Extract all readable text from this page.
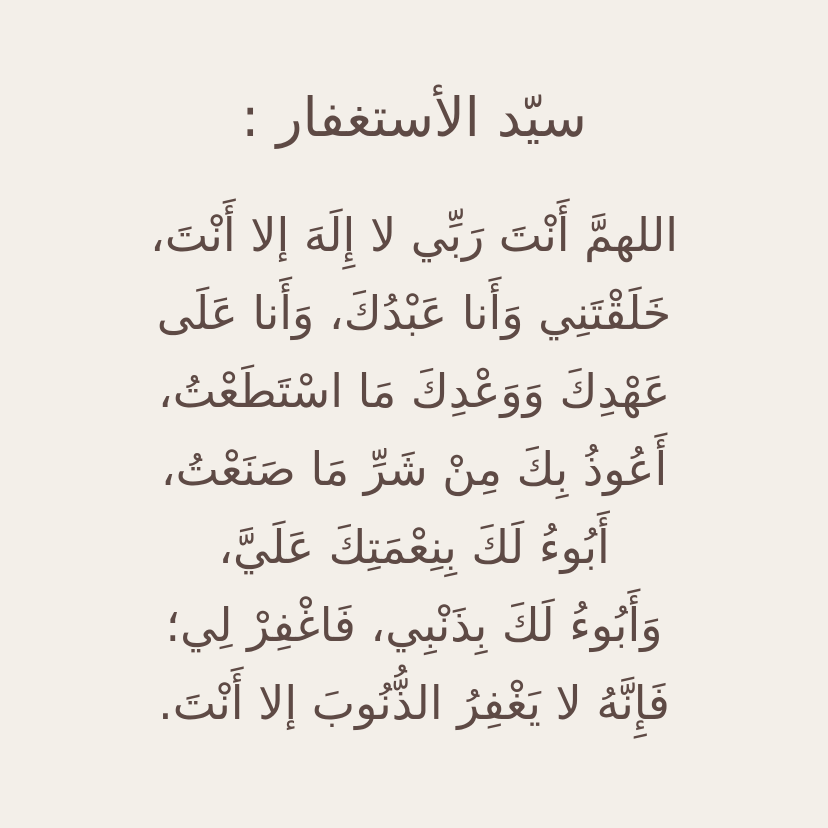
سيّد الأستغفار :
اللهمَّ أَنْتَ رَبِّي لا إِلَهَ إلا أَنْتَ،
خَلَقْتَنِي وَأَنا عَبْدُكَ، وَأَنا عَلَى
عَهْدِكَ وَوَعْدِكَ مَا اسْتَطَعْتُ،
أَعُوذُ بِكَ مِنْ شَرِّ مَا صَنَعْتُ،
أَبُوءُ لَكَ بِنِعْمَتِكَ عَلَيَّ،
وَأَبُوءُ لَكَ بِذَنْبِي، فَاغْفِرْ لِي؛
فَإِنَّهُ لا يَغْفِرُ الذُّنُوبَ إلا أَنْتَ.
